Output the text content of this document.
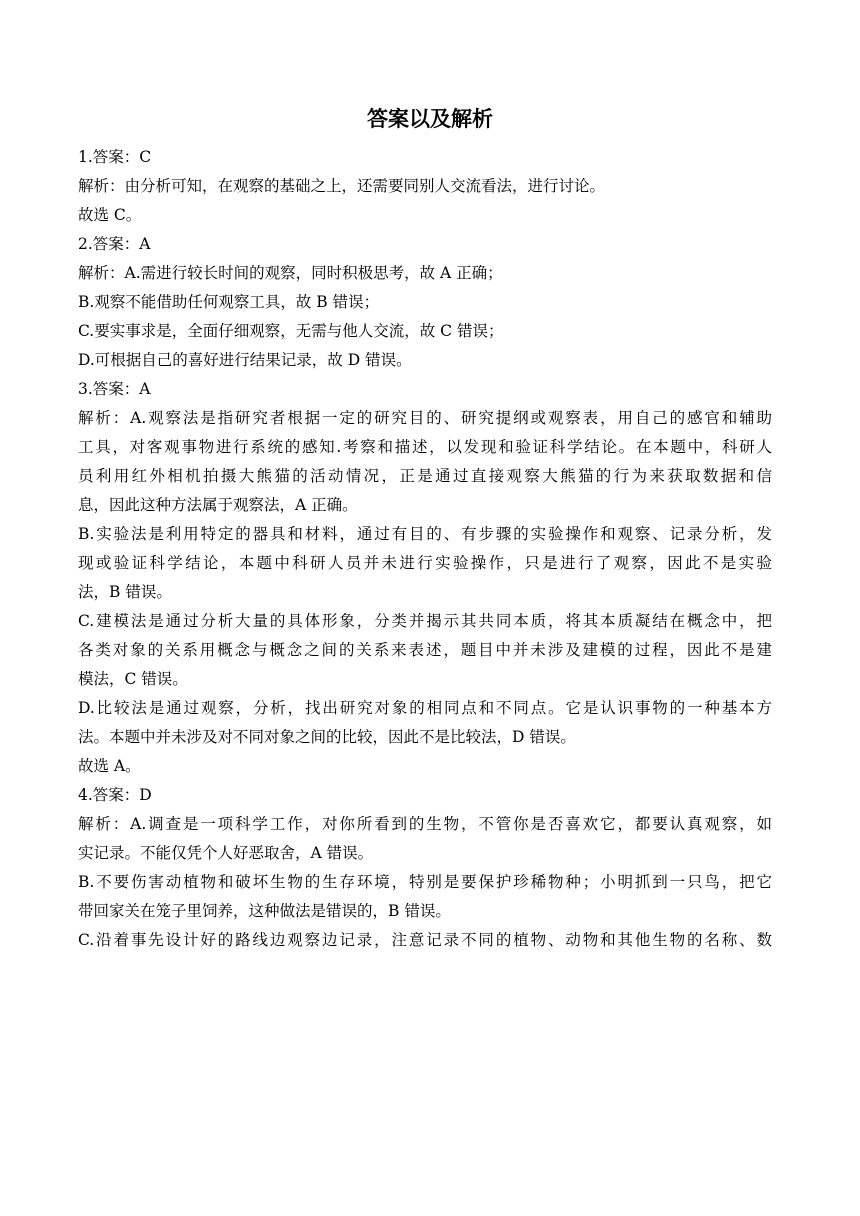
答案以及解析
1.答案：C
解析：由分析可知，在观察的基础之上，还需要同别人交流看法，进行讨论。
故选 C。
2.答案：A
解析：A.需进行较长时间的观察，同时积极思考，故 A 正确；
B.观察不能借助任何观察工具，故 B 错误；
C.要实事求是，全面仔细观察，无需与他人交流，故 C 错误；
D.可根据自己的喜好进行结果记录，故 D 错误。
3.答案：A
解析：A.观察法是指研究者根据一定的研究目的、研究提纲或观察表，用自己的感官和辅助
工具，对客观事物进行系统的感知.考察和描述，以发现和验证科学结论。在本题中，科研人
员利用红外相机拍摄大熊猫的活动情况，正是通过直接观察大熊猫的行为来获取数据和信
息，因此这种方法属于观察法，A 正确。
B.实验法是利用特定的器具和材料，通过有目的、有步骤的实验操作和观察、记录分析，发
现或验证科学结论，本题中科研人员并未进行实验操作，只是进行了观察，因此不是实验
法，B 错误。
C.建模法是通过分析大量的具体形象，分类并揭示其共同本质，将其本质凝结在概念中，把
各类对象的关系用概念与概念之间的关系来表述，题目中并未涉及建模的过程，因此不是建
模法，C 错误。
D.比较法是通过观察，分析，找出研究对象的相同点和不同点。它是认识事物的一种基本方
法。本题中并未涉及对不同对象之间的比较，因此不是比较法，D 错误。
故选 A。
4.答案：D
解析：A.调查是一项科学工作，对你所看到的生物，不管你是否喜欢它，都要认真观察，如
实记录。不能仅凭个人好恶取舍，A 错误。
B.不要伤害动植物和破坏生物的生存环境，特别是要保护珍稀物种；小明抓到一只鸟，把它
带回家关在笼子里饲养，这种做法是错误的，B 错误。
C.沿着事先设计好的路线边观察边记录，注意记录不同的植物、动物和其他生物的名称、数
